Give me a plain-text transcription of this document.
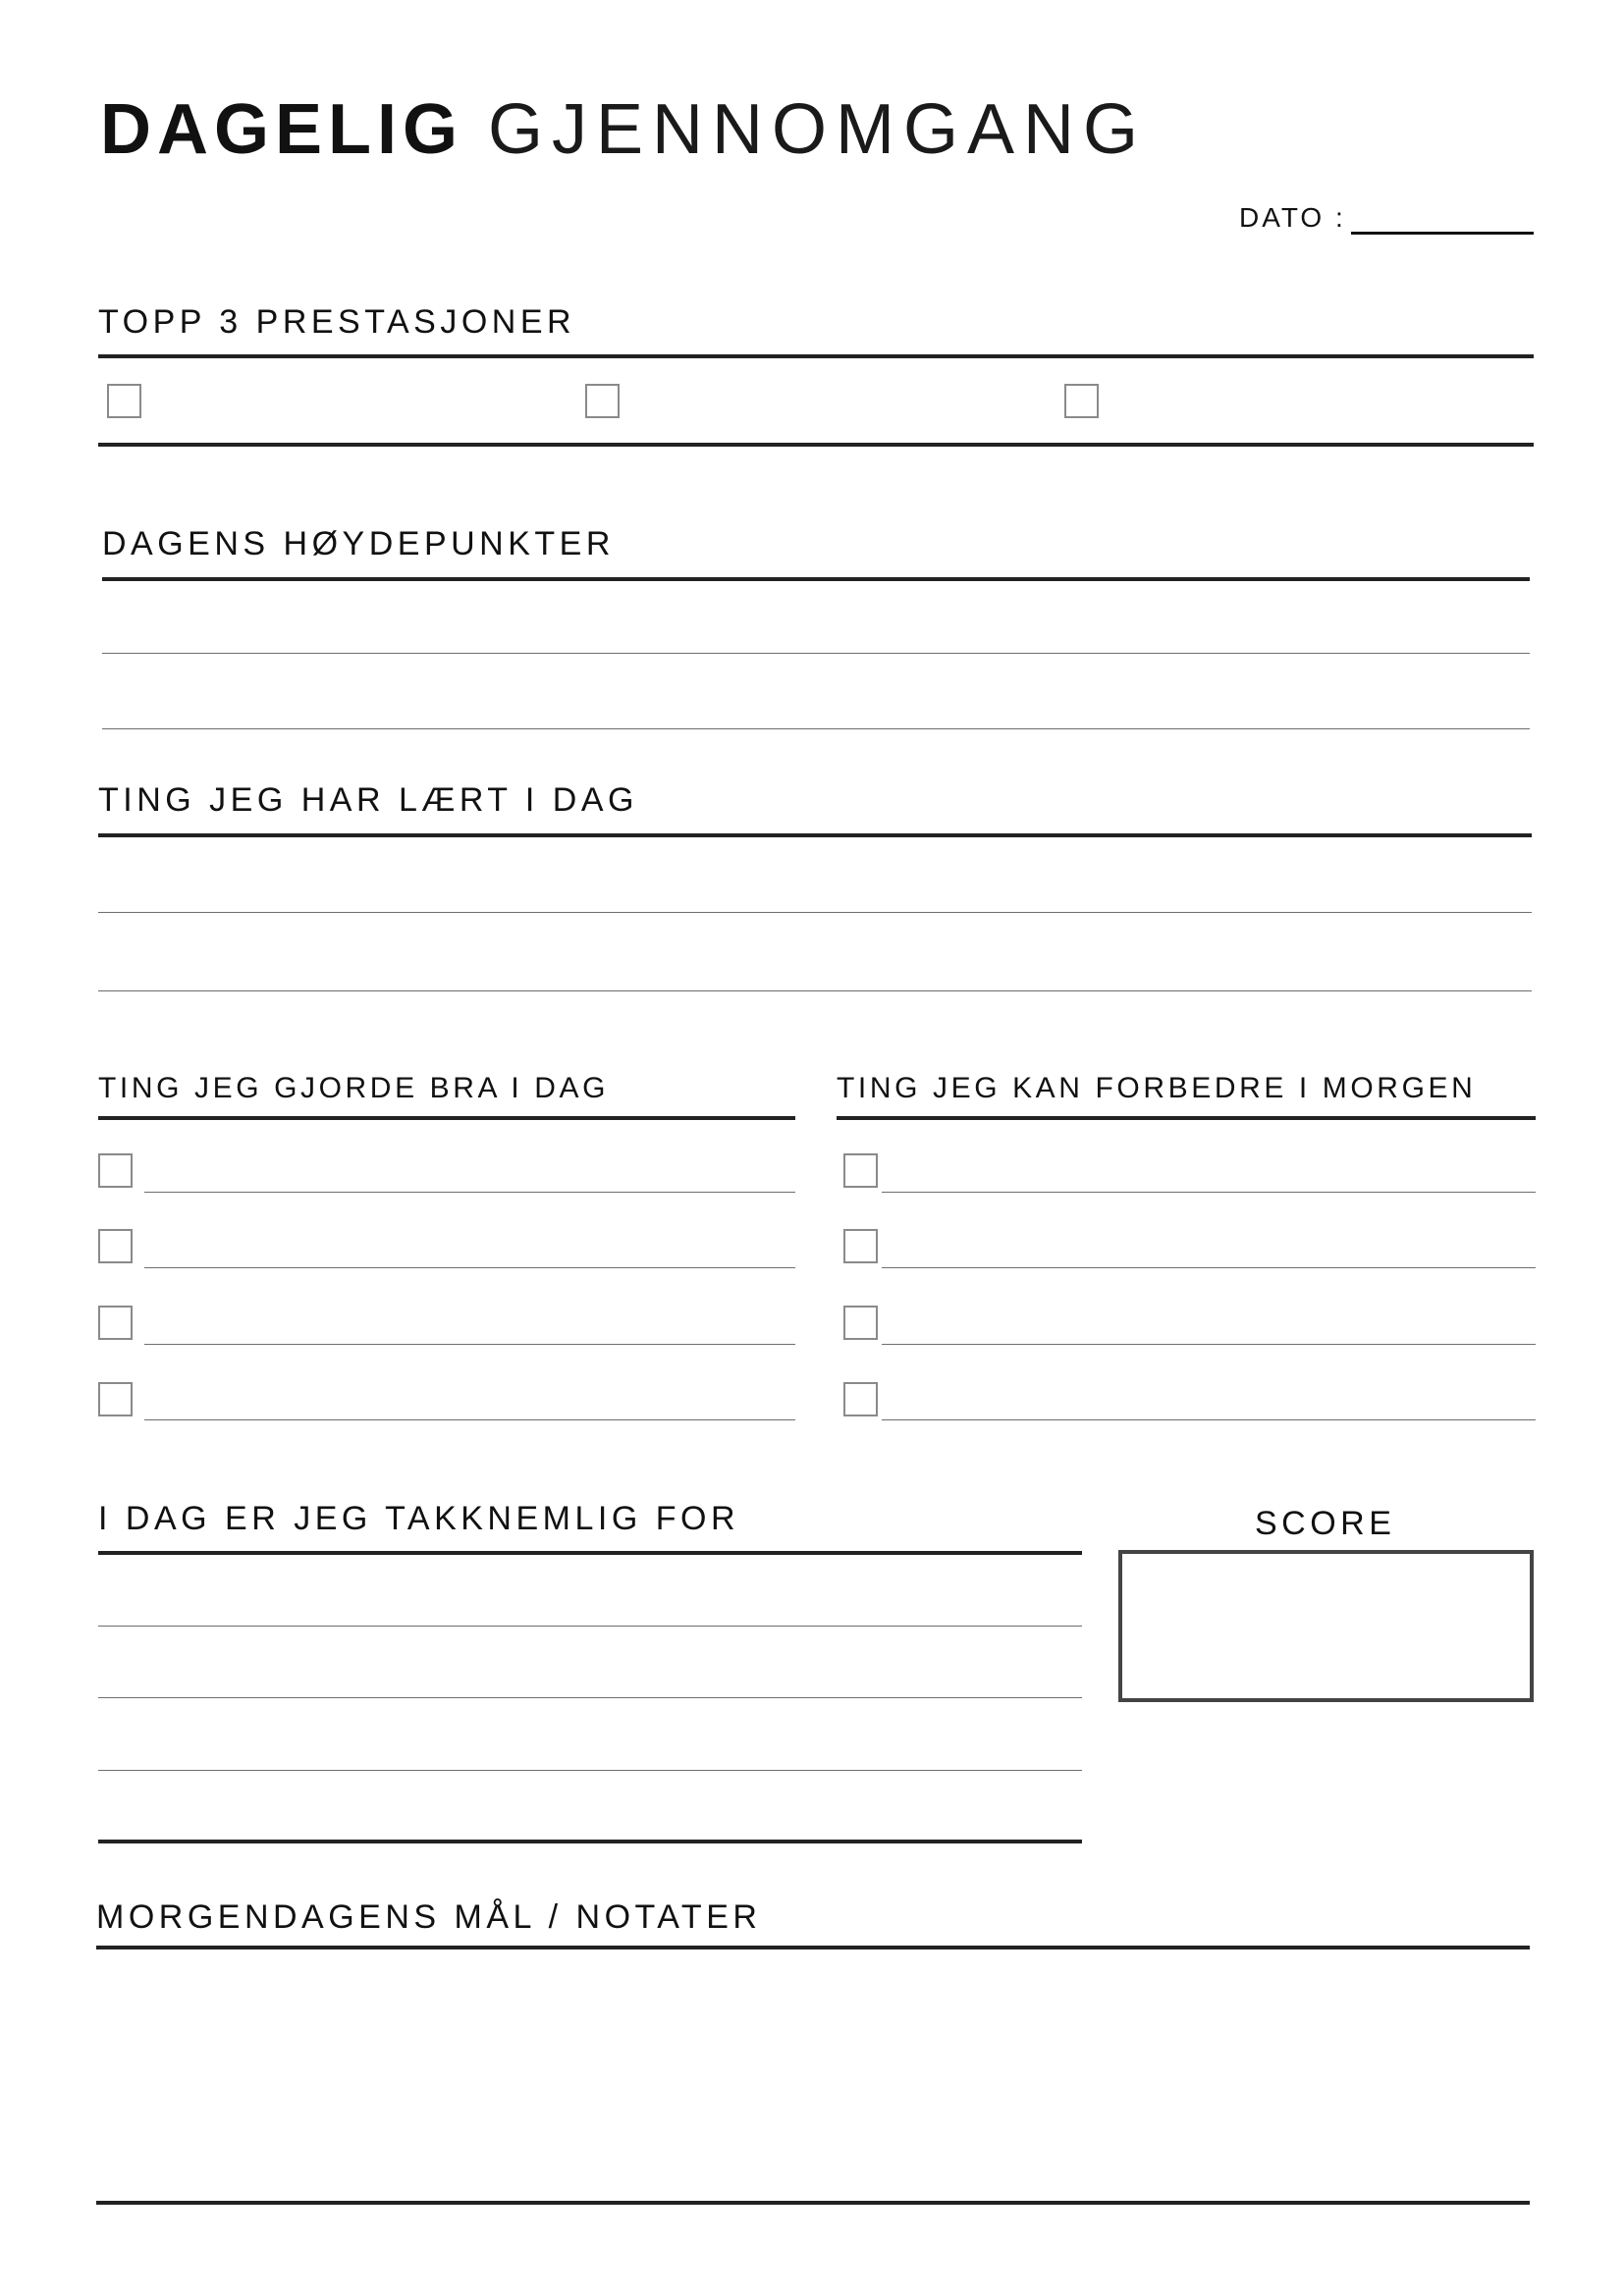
DAGELIG GJENNOMGANG
DATO :
TOPP 3 PRESTASJONER
DAGENS HØYDEPUNKTER
TING JEG HAR LÆRT I DAG
TING JEG GJORDE BRA I DAG	TING JEG KAN FORBEDRE I MORGEN
I DAG ER JEG TAKKNEMLIG FOR	SCORE
MORGENDAGENS MÅL / NOTATER
